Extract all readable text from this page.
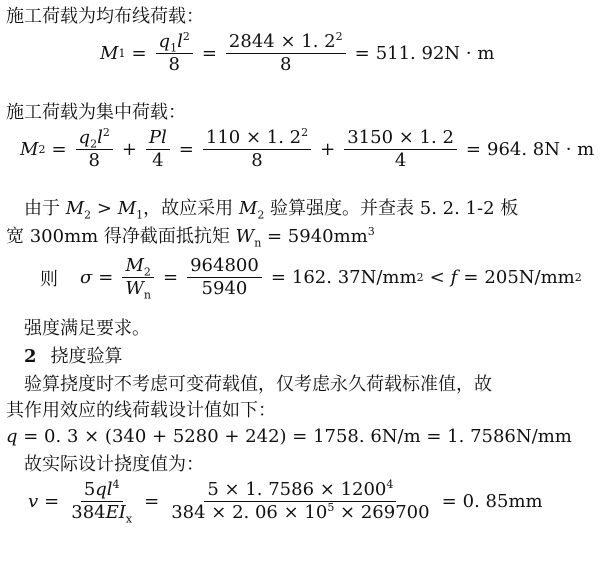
施工荷载为均布线荷载：
M $1 = \frac{q_1l^2}{8} = \frac{2844 \times 1. 2^2}{8} = 511$. 92N · m
施工荷载为集中荷载：
M $2 = \frac{q_2l^2}{8} + \frac{Pl}{4} = \frac{110 \times 1. 2^2}{8} + \frac{3150 \times 1. 2}{4} = 964$. 8N · m
由于 $M_2 > M_1$，故应采用 $M_2$ 验算强度。并查表 5. 2. 1-2 板
宽 300mm 得净截面抵抗矩 $W_n = 5940mm^3$
则 $\sigma = \frac{M_2}{W_n} = \frac{964800}{5940} = 162$. 37N/mm 2 < f = 205N/mm 2
强度满足要求。
2 挠度验算
验算挠度时不考虑可变荷载值，仅考虑永久荷载标准值，故
其作用效应的线荷载设计值如下：
q = 0. 3 × (340 + 5280 + 242) = 1758. 6N/m = 1. 7586N/mm
故实际设计挠度值为：
$v = \frac{5ql^4}{384EI_x} = \frac{5 \times 1. 7586 \times 1200^4}{384 \times 2. 06 \times 10^5 \times 269700} = 0$. 85mm
